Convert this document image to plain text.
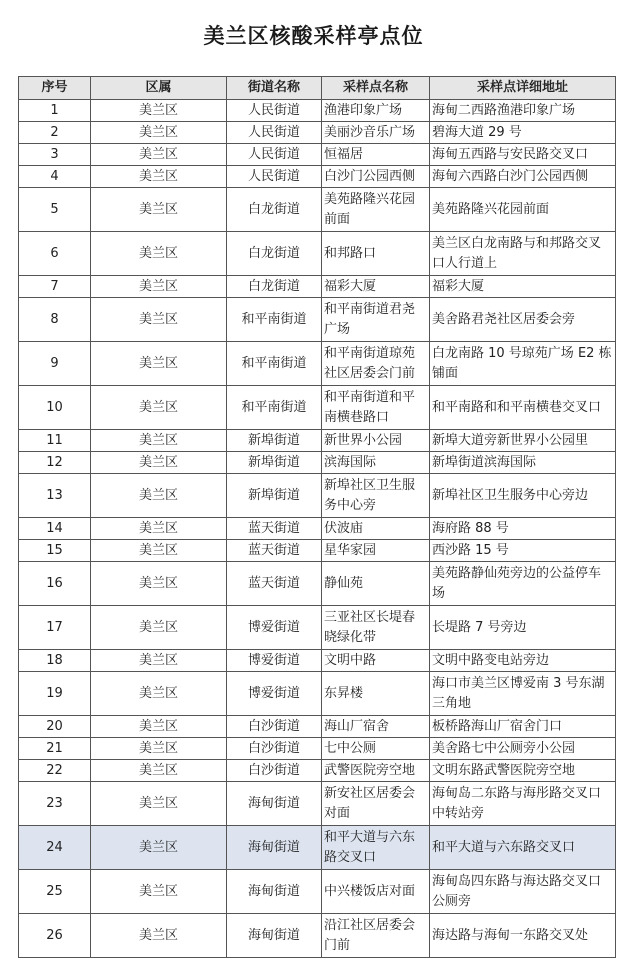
美兰区核酸采样亭点位
序号	区属	街道名称	采样点名称	采样点详细地址
1	美兰区	人民街道	渔港印象广场	海甸二西路渔港印象广场
2	美兰区	人民街道	美丽沙音乐广场	碧海大道 29 号
3	美兰区	人民街道	恒福居	海甸五西路与安民路交叉口
4	美兰区	人民街道	白沙门公园西侧	海甸六西路白沙门公园西侧
5	美兰区	白龙街道	美苑路隆兴花园前面	美苑路隆兴花园前面
6	美兰区	白龙街道	和邦路口	美兰区白龙南路与和邦路交叉口人行道上
7	美兰区	白龙街道	福彩大厦	福彩大厦
8	美兰区	和平南街道	和平南街道君尧广场	美舍路君尧社区居委会旁
9	美兰区	和平南街道	和平南街道琼苑社区居委会门前	白龙南路 10 号琼苑广场 E2 栋铺面
10	美兰区	和平南街道	和平南街道和平南横巷路口	和平南路和和平南横巷交叉口
11	美兰区	新埠街道	新世界小公园	新埠大道旁新世界小公园里
12	美兰区	新埠街道	滨海国际	新埠街道滨海国际
13	美兰区	新埠街道	新埠社区卫生服务中心旁	新埠社区卫生服务中心旁边
14	美兰区	蓝天街道	伏波庙	海府路 88 号
15	美兰区	蓝天街道	星华家园	西沙路 15 号
16	美兰区	蓝天街道	静仙苑	美苑路静仙苑旁边的公益停车场
17	美兰区	博爱街道	三亚社区长堤春晓绿化带	长堤路 7 号旁边
18	美兰区	博爱街道	文明中路	文明中路变电站旁边
19	美兰区	博爱街道	东昇楼	海口市美兰区博爱南 3 号东湖三角地
20	美兰区	白沙街道	海山厂宿舍	板桥路海山厂宿舍门口
21	美兰区	白沙街道	七中公厕	美舍路七中公厕旁小公园
22	美兰区	白沙街道	武警医院旁空地	文明东路武警医院旁空地
23	美兰区	海甸街道	新安社区居委会对面	海甸岛二东路与海彤路交叉口中转站旁
24	美兰区	海甸街道	和平大道与六东路交叉口	和平大道与六东路交叉口
25	美兰区	海甸街道	中兴楼饭店对面	海甸岛四东路与海达路交叉口公厕旁
26	美兰区	海甸街道	沿江社区居委会门前	海达路与海甸一东路交叉处
